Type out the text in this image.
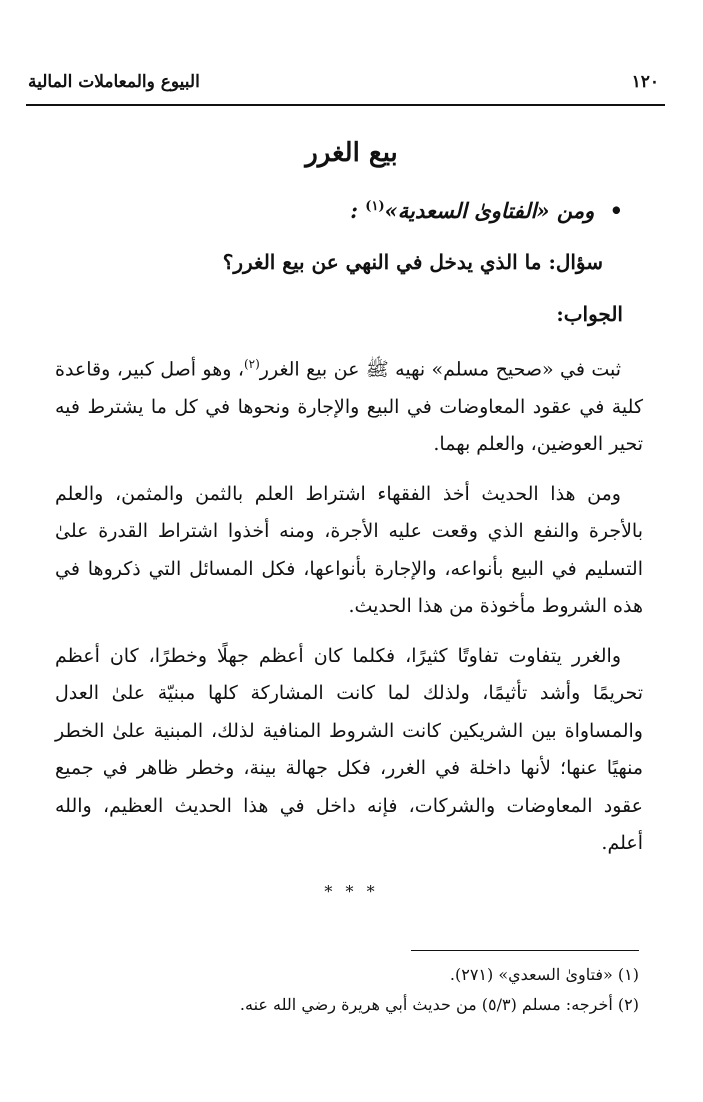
١٢٠
البيوع والمعاملات المالية
بيع الغرر
• ومن «الفتاوىٰ السعدية»$^{(١)}$ :
سؤال: ما الذي يدخل في النهي عن بيع الغرر؟
الجواب:

ثبت في «صحيح مسلم» نهيه ﷺ عن بيع الغرر$^{(٢)}$، وهو أصل كبير، وقاعدة كلية في عقود المعاوضات في البيع والإجارة ونحوها في كل ما يشترط فيه تحير العوضين، والعلم بهما.

ومن هذا الحديث أخذ الفقهاء اشتراط العلم بالثمن والمثمن، والعلم بالأجرة والنفع الذي وقعت عليه الأجرة، ومنه أخذوا اشتراط القدرة علىٰ التسليم في البيع بأنواعه، والإجارة بأنواعها، فكل المسائل التي ذكروها في هذه الشروط مأخوذة من هذا الحديث.

والغرر يتفاوت تفاوتًا كثيرًا، فكلما كان أعظم جهلًا وخطرًا، كان أعظم تحريمًا وأشد تأثيمًا، ولذلك لما كانت المشاركة كلها مبنيّة علىٰ العدل والمساواة بين الشريكين كانت الشروط المنافية لذلك، المبنية علىٰ الخطر منهيًا عنها؛ لأنها داخلة في الغرر، فكل جهالة بينة، وخطر ظاهر في جميع عقود المعاوضات والشركات، فإنه داخل في هذا الحديث العظيم، والله أعلم.

* * *
(١) «فتاوىٰ السعدي» (٢٧١).
(٢) أخرجه: مسلم (٥/٣) من حديث أبي هريرة رضي الله عنه.
